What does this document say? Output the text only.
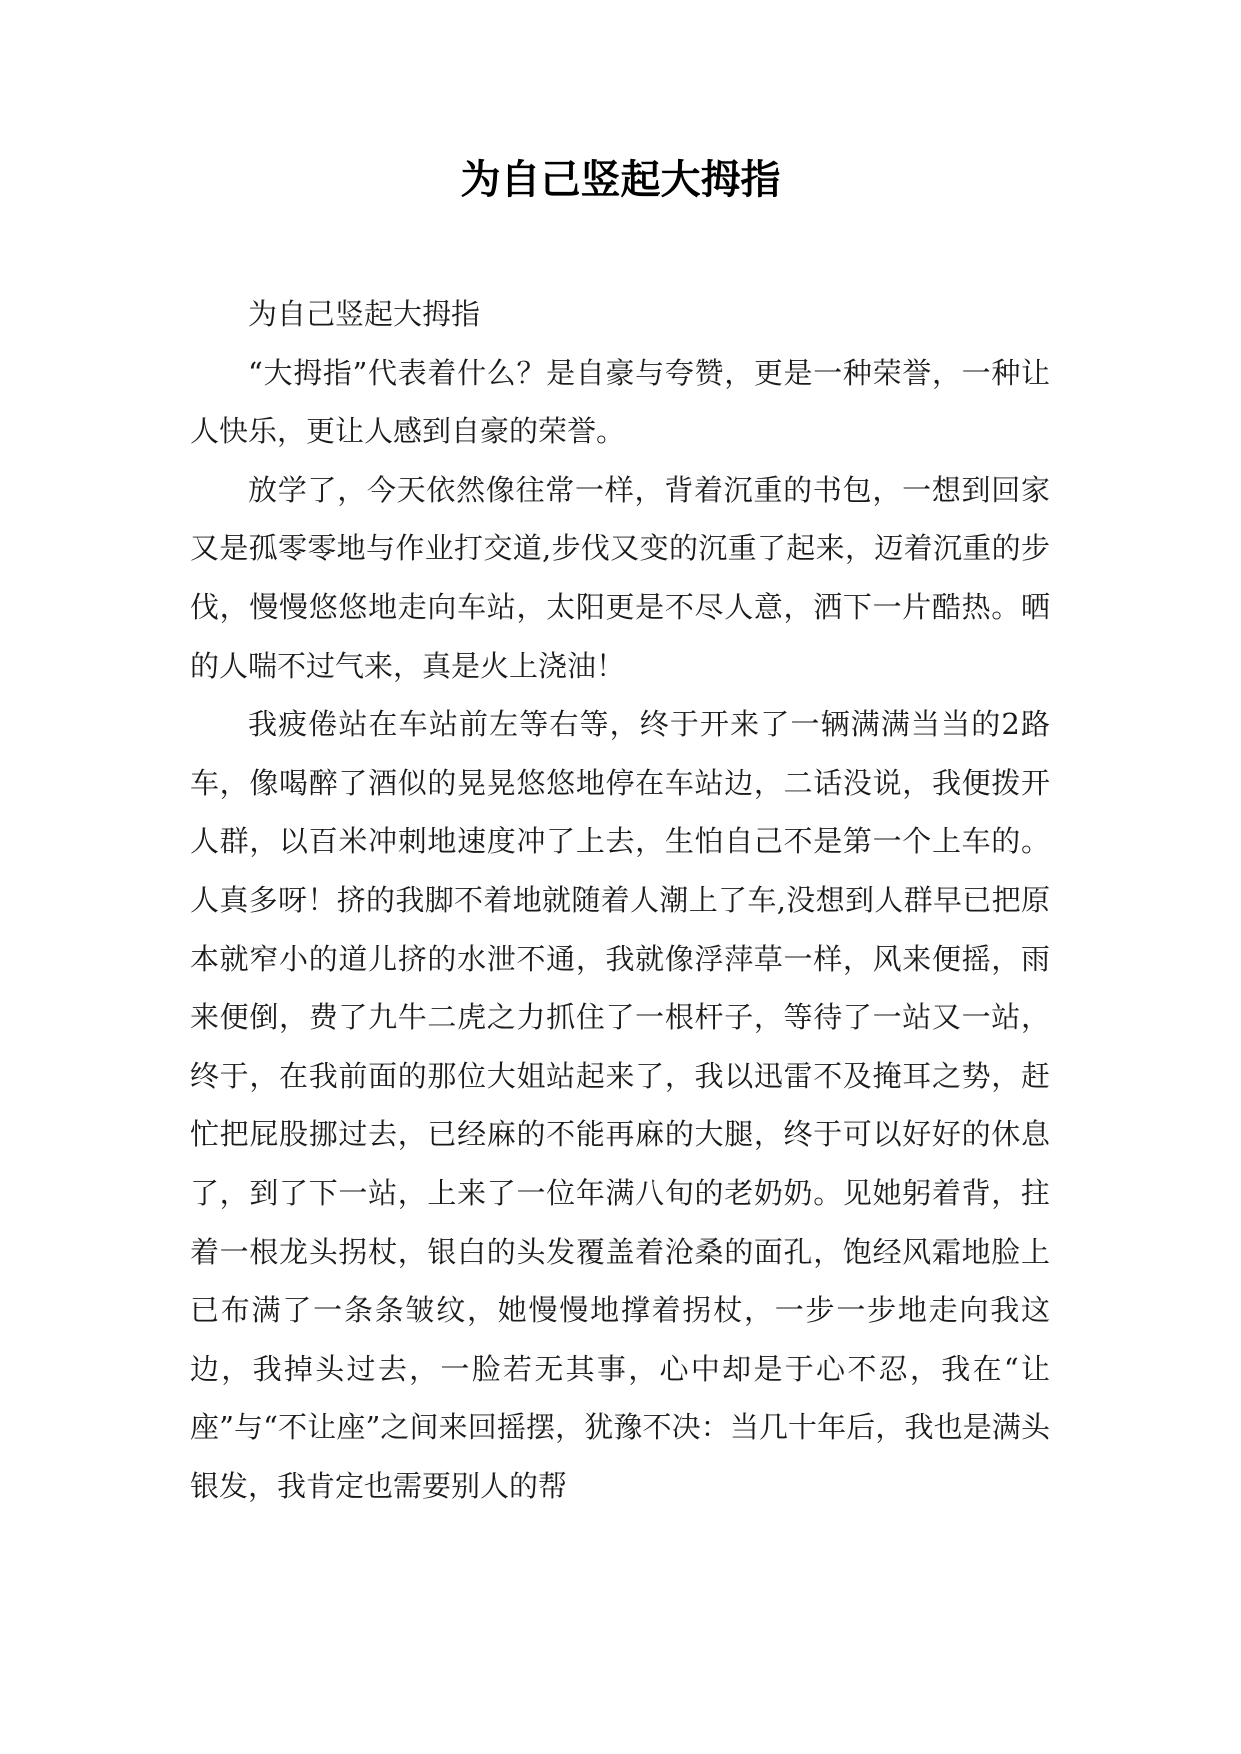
为自己竖起大拇指

为自己竖起大拇指

“大拇指”代表着什么？是自豪与夸赞，更是一种荣誉，一种让人快乐，更让人感到自豪的荣誉。

放学了，今天依然像往常一样，背着沉重的书包，一想到回家又是孤零零地与作业打交道,步伐又变的沉重了起来，迈着沉重的步伐，慢慢悠悠地走向车站，太阳更是不尽人意，洒下一片酷热。晒的人喘不过气来，真是火上浇油！

我疲倦站在车站前左等右等，终于开来了一辆满满当当的2路车，像喝醉了酒似的晃晃悠悠地停在车站边，二话没说，我便拨开人群，以百米冲刺地速度冲了上去，生怕自己不是第一个上车的。人真多呀！挤的我脚不着地就随着人潮上了车,没想到人群早已把原本就窄小的道儿挤的水泄不通，我就像浮萍草一样，风来便摇，雨来便倒，费了九牛二虎之力抓住了一根杆子，等待了一站又一站，终于，在我前面的那位大姐站起来了，我以迅雷不及掩耳之势，赶忙把屁股挪过去，已经麻的不能再麻的大腿，终于可以好好的休息了，到了下一站，上来了一位年满八旬的老奶奶。见她躬着背，拄着一根龙头拐杖，银白的头发覆盖着沧桑的面孔，饱经风霜地脸上已布满了一条条皱纹，她慢慢地撑着拐杖，一步一步地走向我这边，我掉头过去，一脸若无其事，心中却是于心不忍，我在“让座”与“不让座”之间来回摇摆，犹豫不决：当几十年后，我也是满头银发，我肯定也需要别人的帮
